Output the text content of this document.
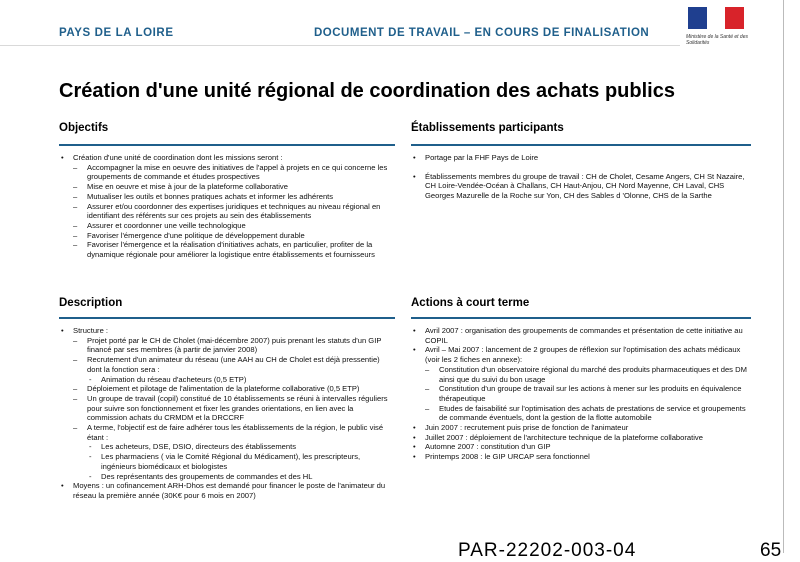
PAYS DE LA LOIRE	DOCUMENT DE TRAVAIL – EN COURS DE FINALISATION	Ministère de la Santé et des Solidarités
Création d'une unité régional de coordination des achats publics
Objectifs
• Création d'une unité de coordination dont les missions seront :
– Accompagner la mise en oeuvre des initiatives de l'appel à projets en ce qui concerne les groupements de commande et études prospectives
– Mise en oeuvre et mise à jour de la plateforme collaborative
– Mutualiser les outils et bonnes pratiques achats et informer les adhérents
– Assurer et/ou coordonner des expertises juridiques et techniques au niveau régional en identifiant des référents sur ces projets au sein des établissements
– Assurer et coordonner une veille technologique
– Favoriser l'émergence d'une politique de développement durable
– Favoriser l'émergence et la réalisation d'initiatives achats, en particulier, profiter de la dynamique régionale pour améliorer la logistique entre établissements et fournisseurs
Établissements participants
• Portage par la FHF Pays de Loire
• Établissements membres du groupe de travail : CH de Cholet, Cesame Angers, CH St Nazaire, CH Loire-Vendée-Océan à Challans, CH Haut-Anjou, CH Nord Mayenne, CH Laval, CHS Georges Mazurelle de la Roche sur Yon, CH des Sables d 'Olonne, CHS de la Sarthe
Description
• Structure :
– Projet porté par le CH de Cholet (mai-décembre 2007) puis prenant les statuts d'un GIP financé par ses membres (à partir de janvier 2008)
– Recrutement d'un animateur du réseau (une AAH au CH de Cholet est déjà pressentie) dont la fonction sera :
- Animation du réseau d'acheteurs (0,5 ETP)
– Déploiement et pilotage de l'alimentation de la plateforme collaborative (0,5 ETP)
– Un groupe de travail (copil) constitué de 10 établissements se réuni à intervalles réguliers pour suivre son fonctionnement et fixer les grandes orientations, en lien avec la commission achats du CRMDM et la DRCCRF
– A terme, l'objectif est de faire adhérer tous les établissements de la région, le public visé étant :
- Les acheteurs, DSE, DSIO, directeurs des établissements
- Les pharmaciens ( via le Comité Régional du Médicament), les prescripteurs, ingénieurs biomédicaux et biologistes
- Des représentants des groupements de commandes et des HL
• Moyens : un cofinancement ARH-Dhos est demandé pour financer le poste de l'animateur du réseau la première année (30K€ pour 6 mois en 2007)
Actions à court terme
• Avril 2007 : organisation des groupements de commandes et présentation de cette initiative au COPIL
• Avril – Mai 2007 : lancement de 2 groupes de réflexion sur l'optimisation des achats médicaux (voir les 2 fiches en annexe):
– Constitution d'un observatoire régional du marché des produits pharmaceutiques et des DM ainsi que du suivi du bon usage
– Constitution d'un groupe de travail sur les actions à mener sur les produits en équivalence thérapeutique
– Etudes de faisabilité sur l'optimisation des achats de prestations de service et groupements de commande éventuels, dont la gestion de la flotte automobile
• Juin 2007 : recrutement puis prise de fonction de l'animateur
• Juillet 2007 : déploiement de l'architecture technique de la plateforme collaborative
• Automne 2007 : constitution d'un GIP
• Printemps 2008 : le GIP URCAP sera fonctionnel
PAR-22202-003-04	65
